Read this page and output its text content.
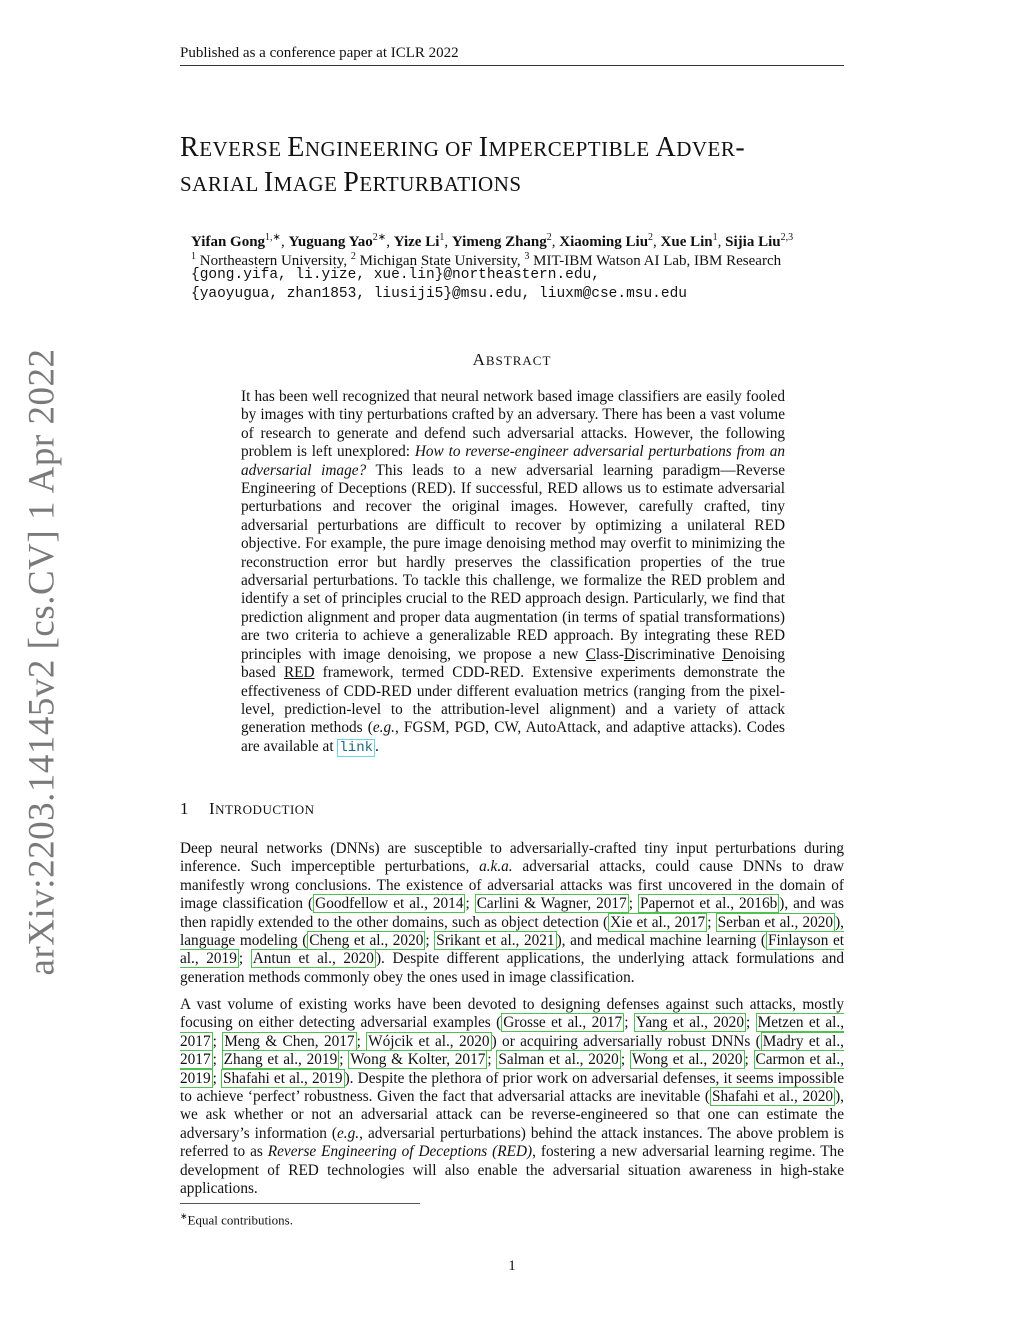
Published as a conference paper at ICLR 2022
arXiv:2203.14145v2 [cs.CV] 1 Apr 2022
REVERSE ENGINEERING OF IMPERCEPTIBLE ADVER-
SARIAL IMAGE PERTURBATIONS
Yifan Gong$^{1,∗}$, Yuguang Yao$^{2∗}$, Yize Li$^1$, Yimeng Zhang$^2$, Xiaoming Liu$^2$, Xue Lin$^1$, Sijia Liu$^{2,3}$
$^1$ Northeastern University, $^2$ Michigan State University, $^3$ MIT-IBM Watson AI Lab, IBM Research
{gong.yifa, li.yize, xue.lin}@northeastern.edu,
{yaoyugua, zhan1853, liusiji5}@msu.edu, liuxm@cse.msu.edu
ABSTRACT
It has been well recognized that neural network based image classifiers are easily fooled by images with tiny perturbations crafted by an adversary. There has been a vast volume of research to generate and defend such adversarial attacks. However, the following problem is left unexplored: How to reverse-engineer adversarial perturbations from an adversarial image? This leads to a new adversarial learning paradigm—Reverse Engineering of Deceptions (RED). If successful, RED allows us to estimate adversarial perturbations and recover the original images. However, carefully crafted, tiny adversarial perturbations are difficult to recover by optimizing a unilateral RED objective. For example, the pure image denoising method may overfit to minimizing the reconstruction error but hardly preserves the classification properties of the true adversarial perturbations. To tackle this challenge, we formalize the RED problem and identify a set of principles crucial to the RED approach design. Particularly, we find that prediction alignment and proper data augmentation (in terms of spatial transformations) are two criteria to achieve a generalizable RED approach. By integrating these RED principles with image denoising, we propose a new Class-Discriminative Denoising based RED framework, termed CDD-RED. Extensive experiments demonstrate the effectiveness of CDD-RED under different evaluation metrics (ranging from the pixel-level, prediction-level to the attribution-level alignment) and a variety of attack generation methods (e.g., FGSM, PGD, CW, AutoAttack, and adaptive attacks). Codes are available at link .
1 INTRODUCTION
Deep neural networks (DNNs) are susceptible to adversarially-crafted tiny input perturbations during inference. Such imperceptible perturbations, a.k.a. adversarial attacks, could cause DNNs to draw manifestly wrong conclusions. The existence of adversarial attacks was first uncovered in the domain of image classification ( Goodfellow et al., 2014 ; Carlini & Wagner, 2017 ; Papernot et al., 2016b ), and was then rapidly extended to the other domains, such as object detection ( Xie et al., 2017 ; Serban et al., 2020 ), language modeling ( Cheng et al., 2020 ; Srikant et al., 2021 ), and medical machine learning ( Finlayson et al., 2019 ; Antun et al., 2020 ). Despite different applications, the underlying attack formulations and generation methods commonly obey the ones used in image classification.
A vast volume of existing works have been devoted to designing defenses against such attacks, mostly focusing on either detecting adversarial examples ( Grosse et al., 2017 ; Yang et al., 2020 ; Metzen et al., 2017 ; Meng & Chen, 2017 ; Wójcik et al., 2020 ) or acquiring adversarially robust DNNs ( Madry et al., 2017 ; Zhang et al., 2019 ; Wong & Kolter, 2017 ; Salman et al., 2020 ; Wong et al., 2020 ; Carmon et al., 2019 ; Shafahi et al., 2019 ). Despite the plethora of prior work on adversarial defenses, it seems impossible to achieve ‘perfect’ robustness. Given the fact that adversarial attacks are inevitable ( Shafahi et al., 2020 ), we ask whether or not an adversarial attack can be reverse-engineered so that one can estimate the adversary’s information (e.g., adversarial perturbations) behind the attack instances. The above problem is referred to as Reverse Engineering of Deceptions (RED), fostering a new adversarial learning regime. The development of RED technologies will also enable the adversarial situation awareness in high-stake applications.
∗Equal contributions.
1
